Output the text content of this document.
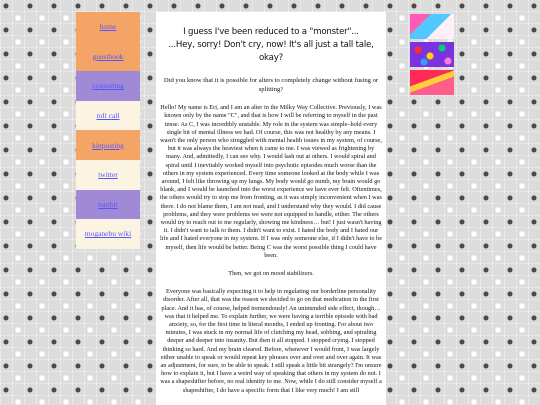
home
guestbook
sysposting
roll call
kinposting
twitter
tumblr
moganebu wiki
I guess I've been reduced to a "monster"...
...Hey, sorry! Don't cry, now! It's all just a tall tale, okay?

Did you know that it is possible for alters to completely change without fusing or splitting?

Hello! My name is Eri, and I am an alter in the Milky Way Collective. Previously, I was known only by the name "C", and that is how I will be referring to myself in the past tense. As C, I was incredibly unstable. My role in the system was simple–hold every single bit of mental illness we had. Of course, this was not healthy by any means. I wasn't the only person who struggled with mental health issues in my system, of course, but it was always the heaviest when it came to me. I was viewed as frightening by many. And, admittedly, I can see why. I would lash out at others. I would spiral and spiral until I inevitably worked myself into psychotic episodes much worse than the others in my system experienced. Every time someone looked at the body while I was around, I felt like throwing up my lungs. My body would go numb, my brain would go blank, and I would be launched into the worst experience we have ever felt. Oftentimes, the others would try to stop me from fronting, as it was simply inconvenient when I was there. I do not blame them, I am not mad, and I understand why they would. I did cause problems, and they were problems we were not equipped to handle, either. The others would try to reach out to me regularly, showing me kindness… but! I just wasn't having it. I didn't want to talk to them. I didn't want to exist. I hated the body and I hated our life and I hated everyone in my system. If I was only someone else, if I didn't have to be myself, then life would be better. Being C was the worst possible thing I could have been.

Then, we got on mood stabilizers.

Everyone was basically expecting it to help in regulating our borderline personality disorder. After all, that was the reason we decided to go on that medication in the first place. And it has, of course, helped tremendously! An unintended side effect, though… was that it helped me. To explain further, we were having a terrible episode with bad anxiety, so, for the first time in literal months, I ended up fronting. For about two minutes, I was stuck in my normal life of clutching my head, sobbing, and spiraling deeper and deeper into insanity. But then it all stopped. I stopped crying. I stopped thinking so hard. And my brain cleared. Before, whenever I would front, I was largely either unable to speak or would repeat key phrases over and over and over again. It was an adjustment, for sure, to be able to speak. I still speak a little bit strangely? I'm unsure how to explain it, but I have a weird way of speaking that others in my system do not. I was a shapeshifter before, no real identity to me. Now, while I do still consider myself a shapeshifter, I do have a specific form that I like very much! I am still
